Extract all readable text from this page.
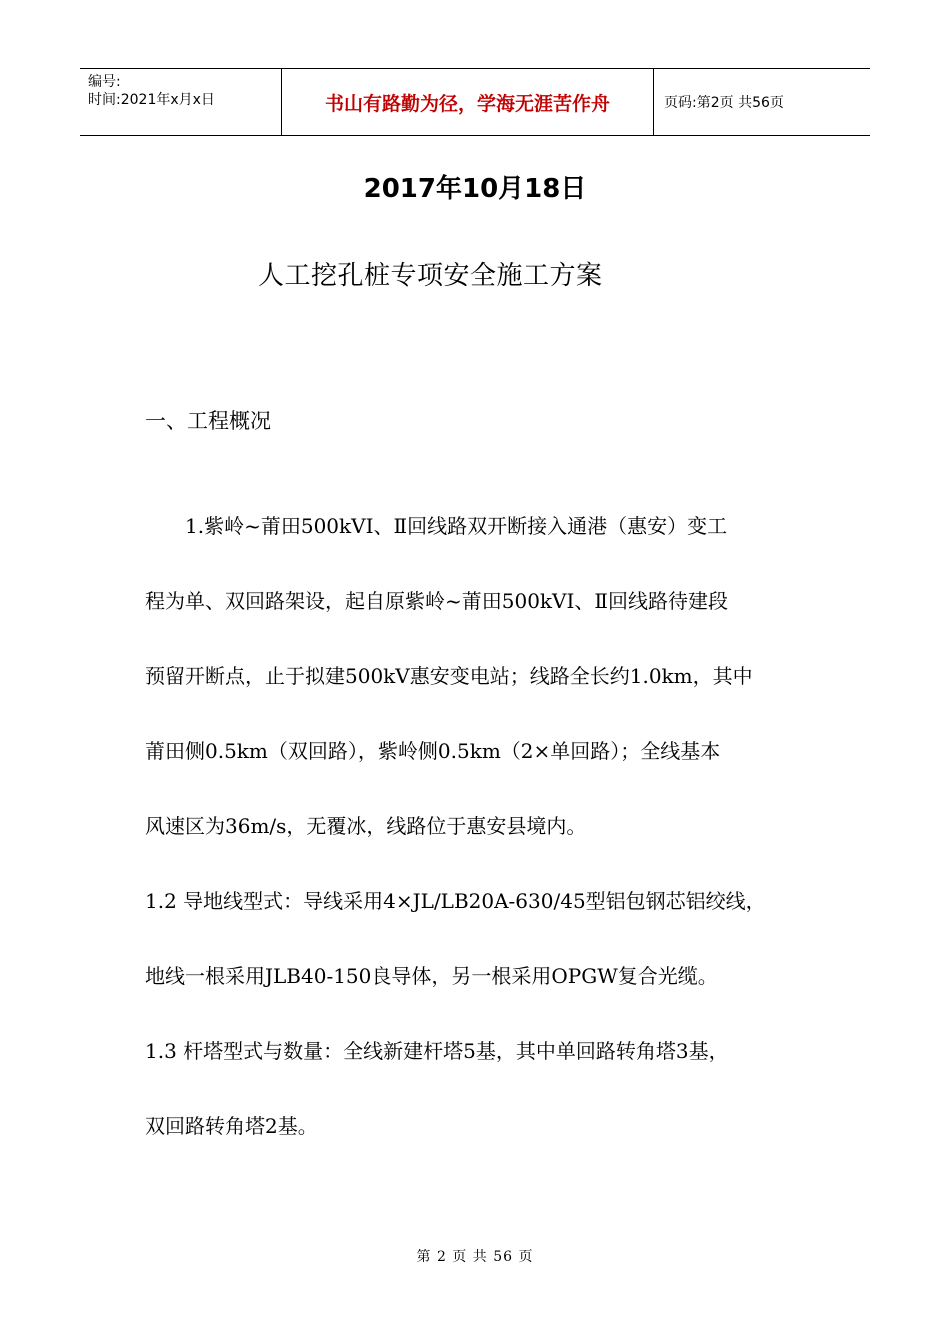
编号:
时间:2021年x月x日	书山有路勤为径，学海无涯苦作舟	页码:第2页 共56页
2017年10月18日
人工挖孔桩专项安全施工方案
一、工程概况
　　1.紫岭~莆田500kVⅠ、Ⅱ回线路双开断接入通港（惠安）变工
程为单、双回路架设，起自原紫岭~莆田500kVⅠ、Ⅱ回线路待建段
预留开断点，止于拟建500kV惠安变电站；线路全长约1.0km，其中
莆田侧0.5km（双回路），紫岭侧0.5km（2×单回路）；全线基本
风速区为36m/s，无覆冰，线路位于惠安县境内。
1.2 导地线型式：导线采用4×JL/LB20A-630/45型铝包钢芯铝绞线，
地线一根采用JLB40-150良导体，另一根采用OPGW复合光缆。
1.3 杆塔型式与数量：全线新建杆塔5基，其中单回路转角塔3基，
双回路转角塔2基。
第 2 页 共 56 页
